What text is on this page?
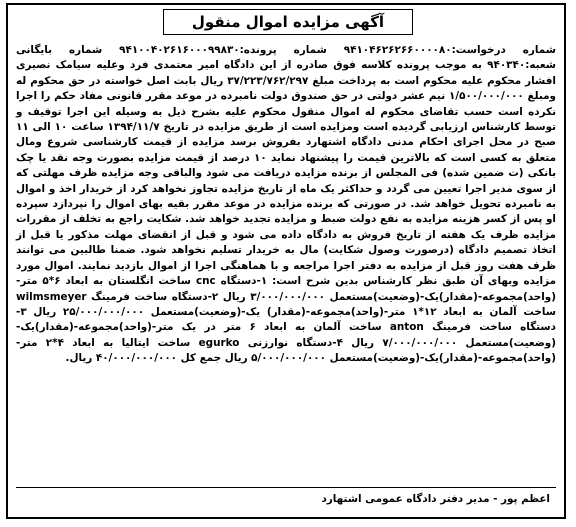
آگهی مزایده اموال منقول

شماره درخواست:۹۴۱۰۴۶۲۶۲۶۶۰۰۰۰۸۰ شماره پرونده:۹۴۱۰۰۴۰۲۶۱۶۰۰۰۹۹۸۳۰ شماره بایگانی شعبه:۹۴۰۳۴۰ به موجب پرونده کلاسه فوق صادره از این دادگاه امیر معتمدی فرد وعلیه سیامک نصیری افشار محکوم علیه محکوم است به پرداخت مبلغ ۳۷/۲۲۳/۷۶۲/۲۹۷ ریال بابت اصل خواسته در حق محکوم له ومبلغ ۱/۵۰۰/۰۰۰/۰۰۰ نیم عشر دولتی در حق صندوق دولت نامبرده در موعد مقرر قانونی مفاد حکم را اجرا نکرده است حسب تقاضای محکوم له اموال منقول محکوم علیه بشرح ذیل به وسیله این اجرا توقیف و توسط کارشناس ارزیابی گردیده است ومزایده است از طریق مزایده در تاریخ ۱۳۹۴/۱۱/۷ ساعت ۱۰ الی ۱۱ صبح در محل اجرای احکام مدنی دادگاه اشتهارد بفروش برسد مزایده از قیمت کارشناسی شروع ومال متعلق به کسی است که بالاترین قیمت را پیشنهاد نماید ۱۰ درصد از قیمت مزایده بصورت وجه نقد یا چک بانکی (ت ضمین شده) فی المجلس از برنده مزایده دریافت می شود والباقی وجه مزایده ظرف مهلتی که از سوی مدیر اجرا تعیین می گردد و حداکثر یک ماه از تاریخ مزایده تجاوز نخواهد کرد از خریدار اخذ و اموال به نامبرده تحویل خواهد شد. در صورتی که برنده مزایده در موعد مقرر بقیه بهای اموال را نپردازد سپرده او پس از کسر هزینه مزایده به نفع دولت ضبط و مزایده تجدید خواهد شد. شکایت راجع به تخلف از مقررات مزایده ظرف یک هفته از تاریخ فروش به دادگاه داده می شود و قبل از انقضای مهلت مذکور یا قبل از اتخاذ تصمیم دادگاه (درصورت وصول شکایت) مال به خریدار تسلیم نخواهد شود. ضمنا طالبین می توانند ظرف هفت روز قبل از مزایده به دفتر اجرا مراجعه و با هماهنگی اجرا از اموال بازدید نمایند. اموال مورد مزایده وبهای آن طبق نظر کارشناس بدین شرح است: ۱-دستگاه cnc ساخت انگلستان به ابعاد ۶*۵ متر-(واحد)مجموعه-(مقدار)یک-(وضعیت)مستعمل ۳/۰۰۰/۰۰۰/۰۰۰ ریال ۲-دستگاه ساخت فرمینگ wilmsmeyer ساخت آلمان به ابعاد ۱۲*۱ متر-(واحد)مجموعه-(مقدار) یک-(وضعیت)مستعمل ۲۵/۰۰۰/۰۰۰/۰۰۰ ریال ۳-دستگاه ساخت فرمینگ anton ساخت آلمان به ابعاد ۶ متر در یک متر-(واحد)مجموعه-(مقدار)یک-(وضعیت)مستعمل ۷/۰۰۰/۰۰۰/۰۰۰ ریال ۴-دستگاه نوارزنی egurko ساخت ایتالیا به ابعاد ۴*۲ متر-(واحد)مجموعه-(مقدار)یک-(وضعیت)مستعمل ۵/۰۰۰/۰۰۰/۰۰۰ ریال جمع کل ۴۰/۰۰۰/۰۰۰/۰۰۰ ریال.

اعظم پور - مدیر دفتر دادگاه عمومی اشتهارد
